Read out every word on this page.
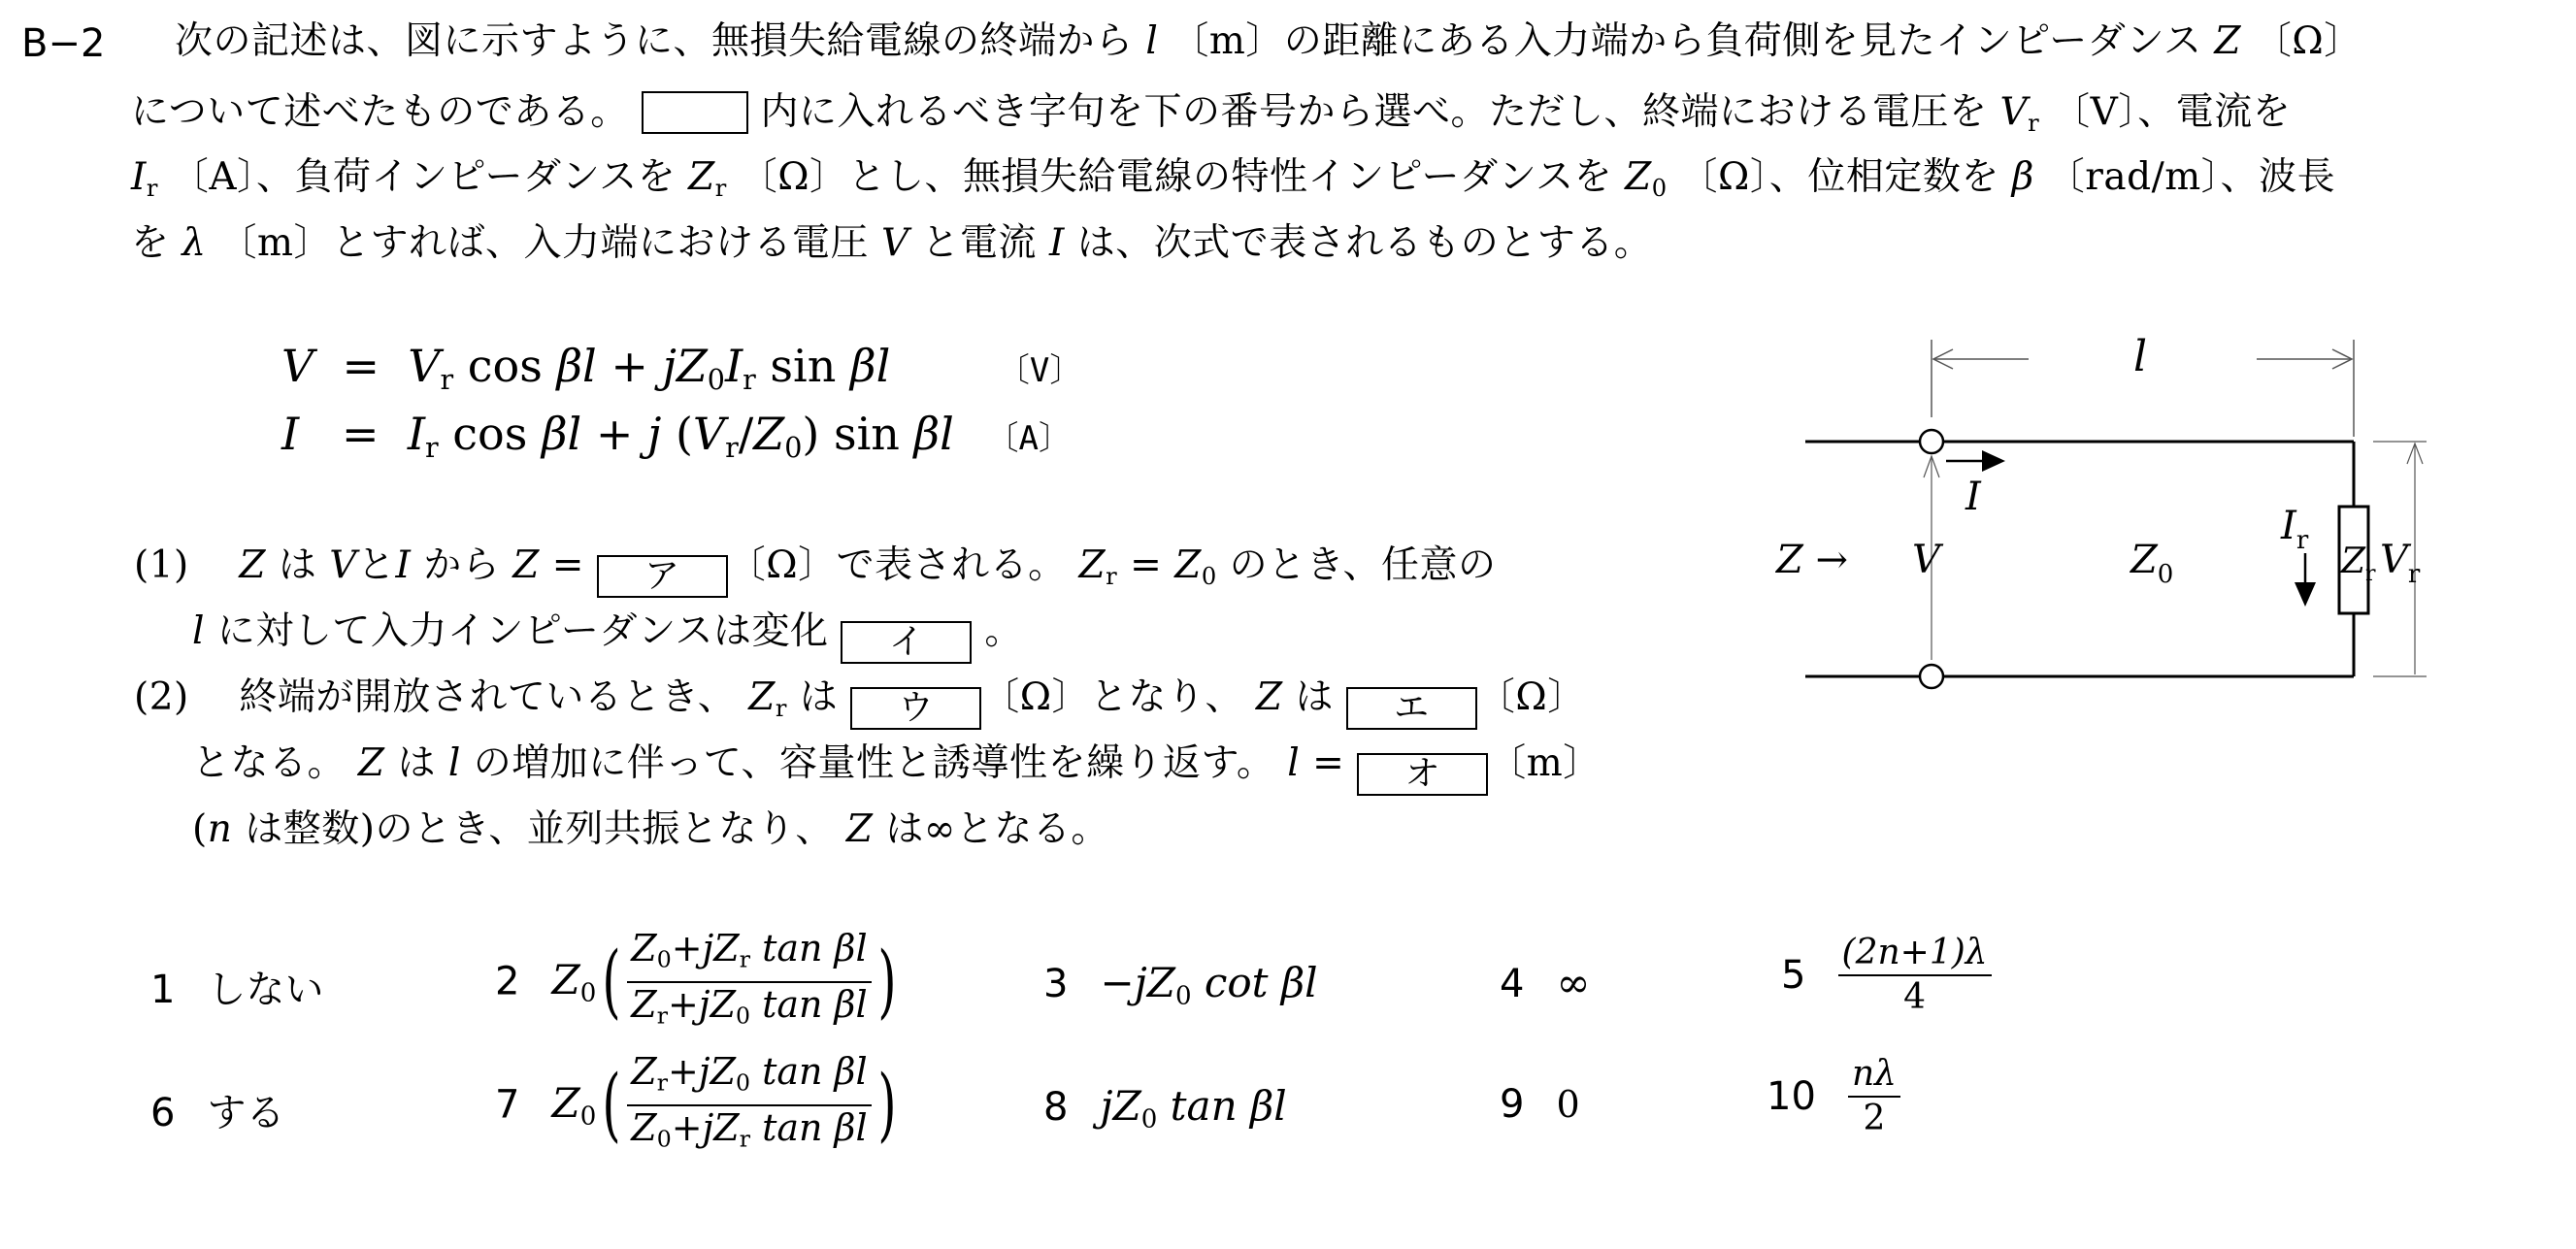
B−2 次の記述は、図に示すように、無損失給電線の終端から l 〔m〕の距離にある入力端から負荷側を見たインピーダンス Z 〔Ω〕
について述べたものである。	内に入れるべき字句を下の番号から選べ。ただし、終端における電圧を $V_r$ 〔V〕、電流を
$I_r$ 〔A〕、負荷インピーダンスを $Z_r$ 〔Ω〕とし、無損失給電線の特性インピーダンスを $Z_0$ 〔Ω〕、位相定数を β 〔rad/m〕、波長
を λ 〔m〕とすれば、入力端における電圧 V と電流 I は、次式で表されるものとする。
$V = V_r$ $\cos \beta l + jZ_0I_r$ sin βl	〔V〕
$I = I_r$ cos βl + j $(V_r/Z_0)$ sin βl 〔A〕
(1) Z は VとI から Z = ア 〔Ω〕で表される。 $Z_r = Z_0$ のとき、任意の
l に対して入力インピーダンスは変化 イ 。
(2) 終端が開放されているとき、 $Z_r$ は ウ 〔Ω〕となり、 Z は エ 〔Ω〕
となる。 Z は l の増加に伴って、容量性と誘導性を繰り返す。 l = オ 〔m〕
(n は整数)のとき、並列共振となり、 Z は∞となる。
1 しない	2 $Z_0( \frac{Z_0+jZ_r \tan \beta l}{Z_r+jZ_0 \tan \beta l}$ )	$3 -jZ_0$ cot βl	4 ∞	$5 \frac{(2n+1)\lambda}{4}$
6 する	7 $Z_0( \frac{Z_r+jZ_0 \tan \beta l}{Z_0+jZ_r \tan \beta l}$ )	8 $jZ_0$ tan βl	9 0	$10 \frac{n\lambda}{2}$
l
V
I
Z →	$Z_0$
$I_r$
$Z_r$ $V_r$
